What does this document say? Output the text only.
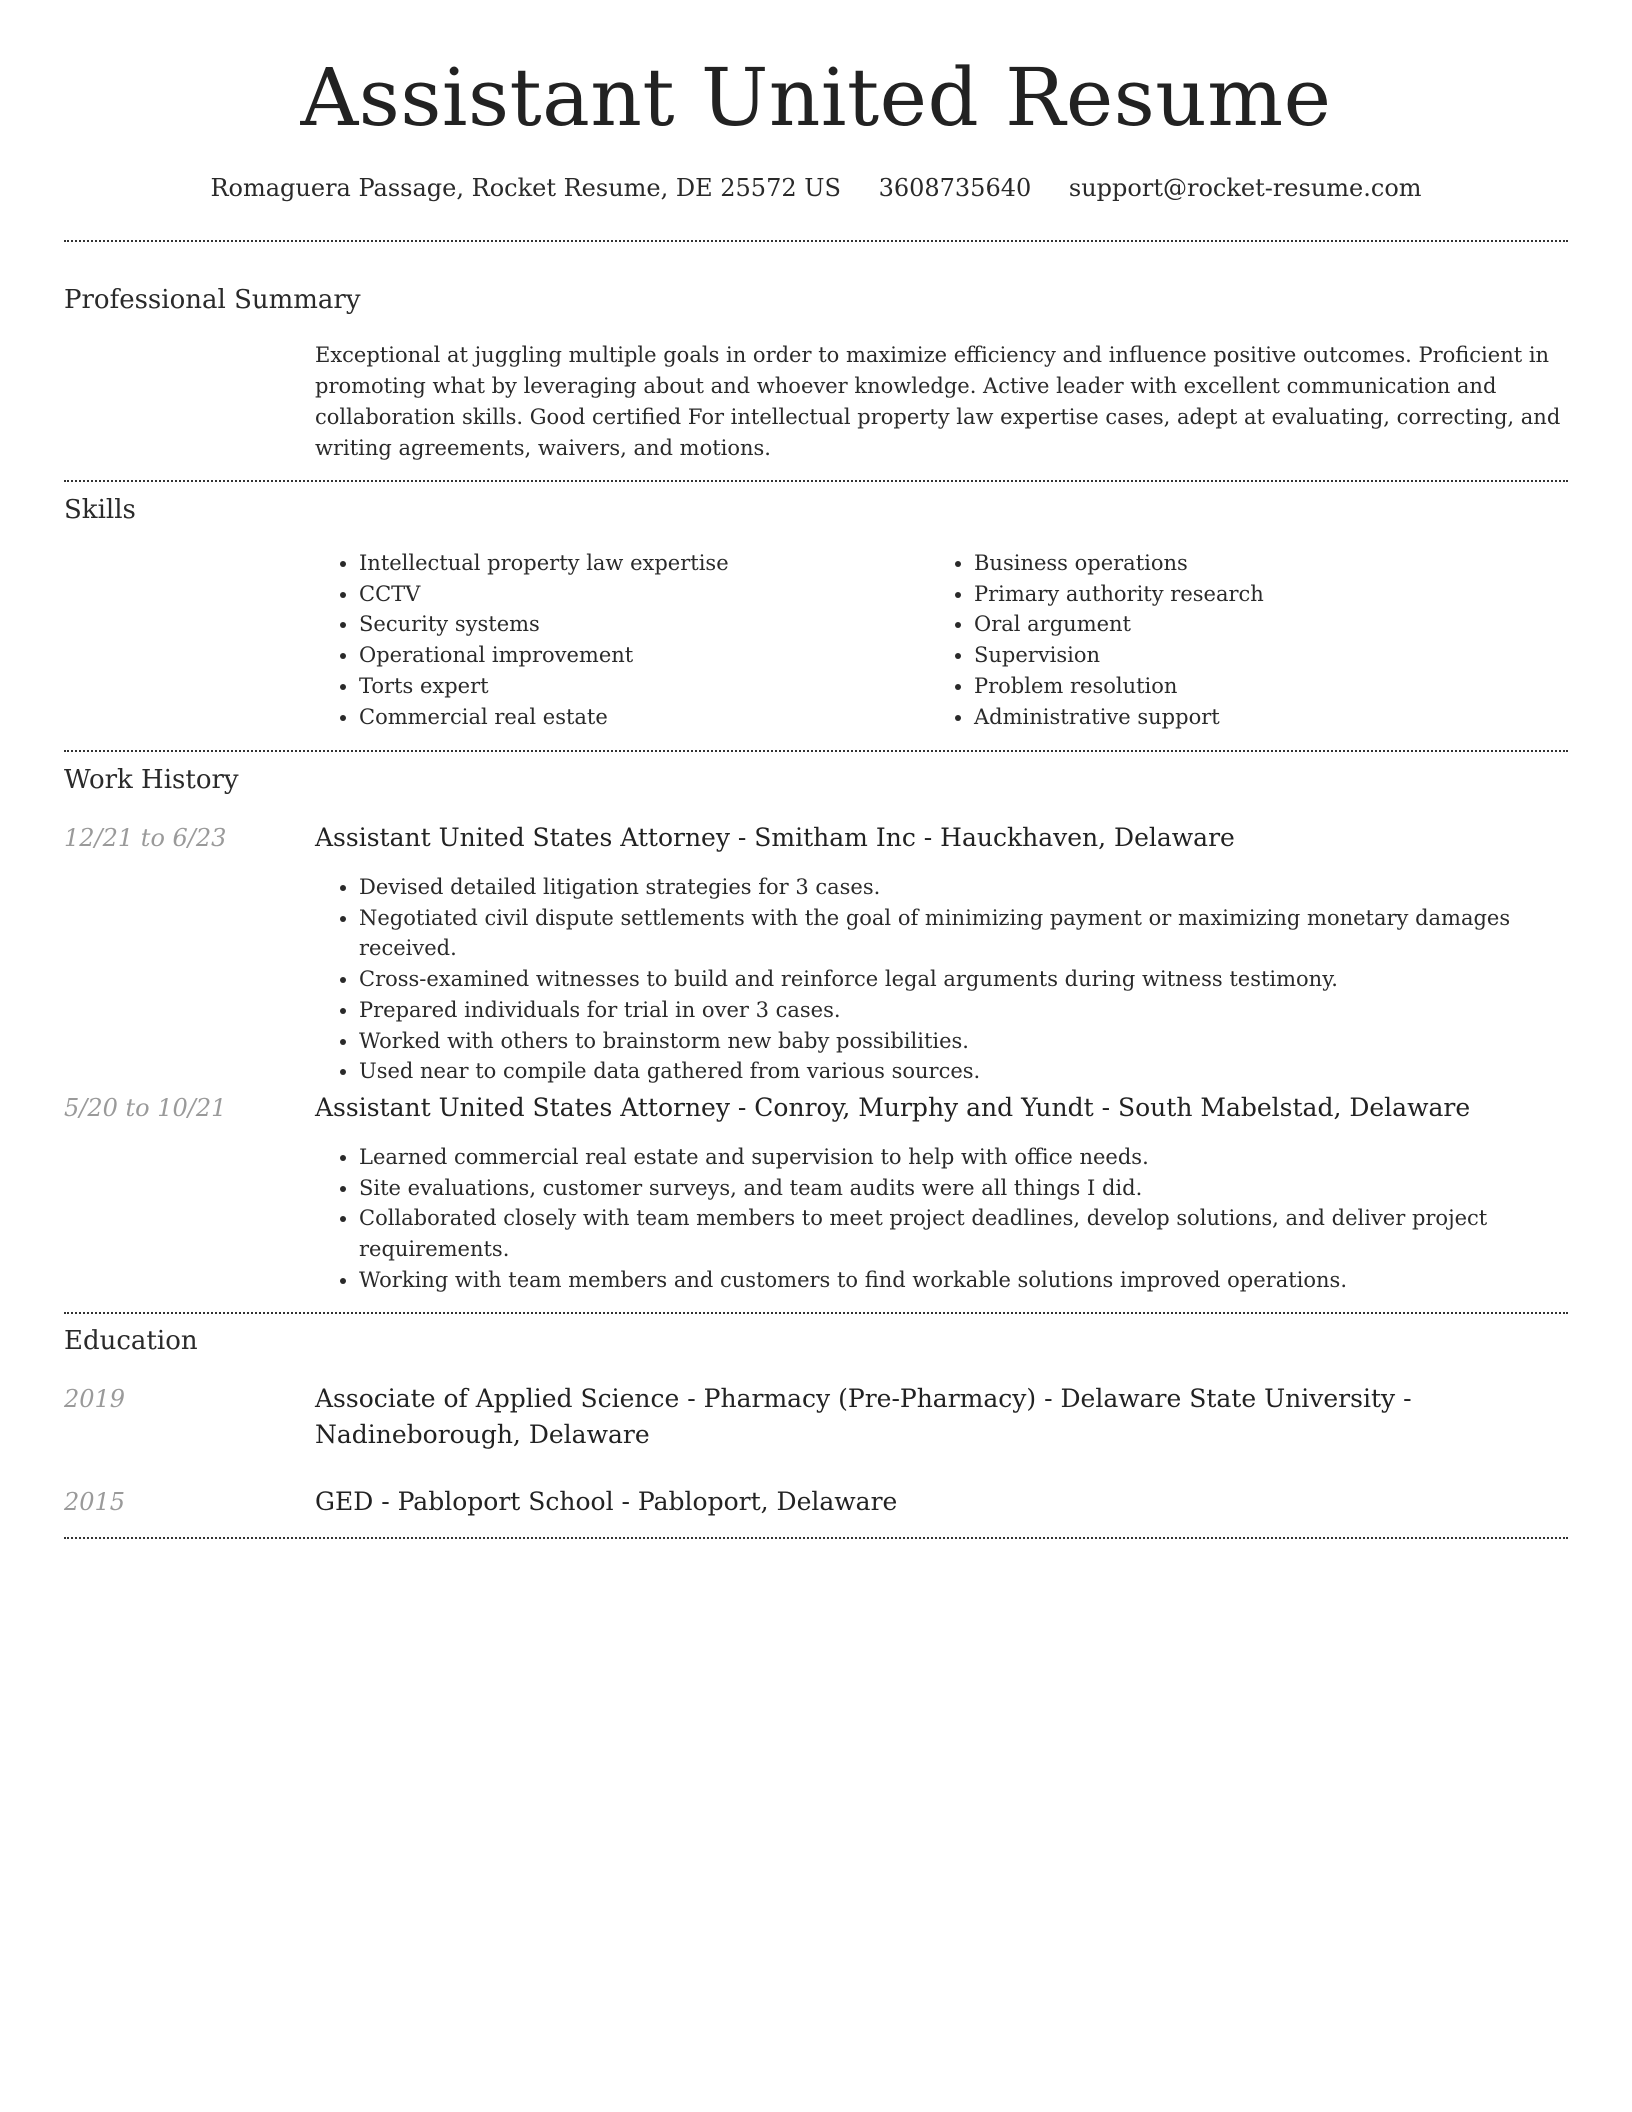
Assistant United Resume
Romaguera Passage, Rocket Resume, DE 25572 US 3608735640 support@rocket-resume.com
Professional Summary

Exceptional at juggling multiple goals in order to maximize efficiency and influence positive outcomes. Proficient in promoting what by leveraging about and whoever knowledge. Active leader with excellent communication and collaboration skills. Good certified For intellectual property law expertise cases, adept at evaluating, correcting, and writing agreements, waivers, and motions.

Skills
• Intellectual property law expertise
• CCTV
• Security systems
• Operational improvement
• Torts expert
• Commercial real estate
• Business operations
• Primary authority research
• Oral argument
• Supervision
• Problem resolution
• Administrative support
Work History
12/21 to 6/23	Assistant United States Attorney - Smitham Inc - Hauckhaven, Delaware
• Devised detailed litigation strategies for 3 cases.
• Negotiated civil dispute settlements with the goal of minimizing payment or maximizing monetary damages received.
• Cross-examined witnesses to build and reinforce legal arguments during witness testimony.
• Prepared individuals for trial in over 3 cases.
• Worked with others to brainstorm new baby possibilities.
• Used near to compile data gathered from various sources.
5/20 to 10/21	Assistant United States Attorney - Conroy, Murphy and Yundt - South Mabelstad, Delaware
• Learned commercial real estate and supervision to help with office needs.
• Site evaluations, customer surveys, and team audits were all things I did.
• Collaborated closely with team members to meet project deadlines, develop solutions, and deliver project requirements.
• Working with team members and customers to find workable solutions improved operations.
Education
2019	Associate of Applied Science - Pharmacy (Pre-Pharmacy) - Delaware State University - Nadineborough, Delaware
2015	GED - Pabloport School - Pabloport, Delaware
